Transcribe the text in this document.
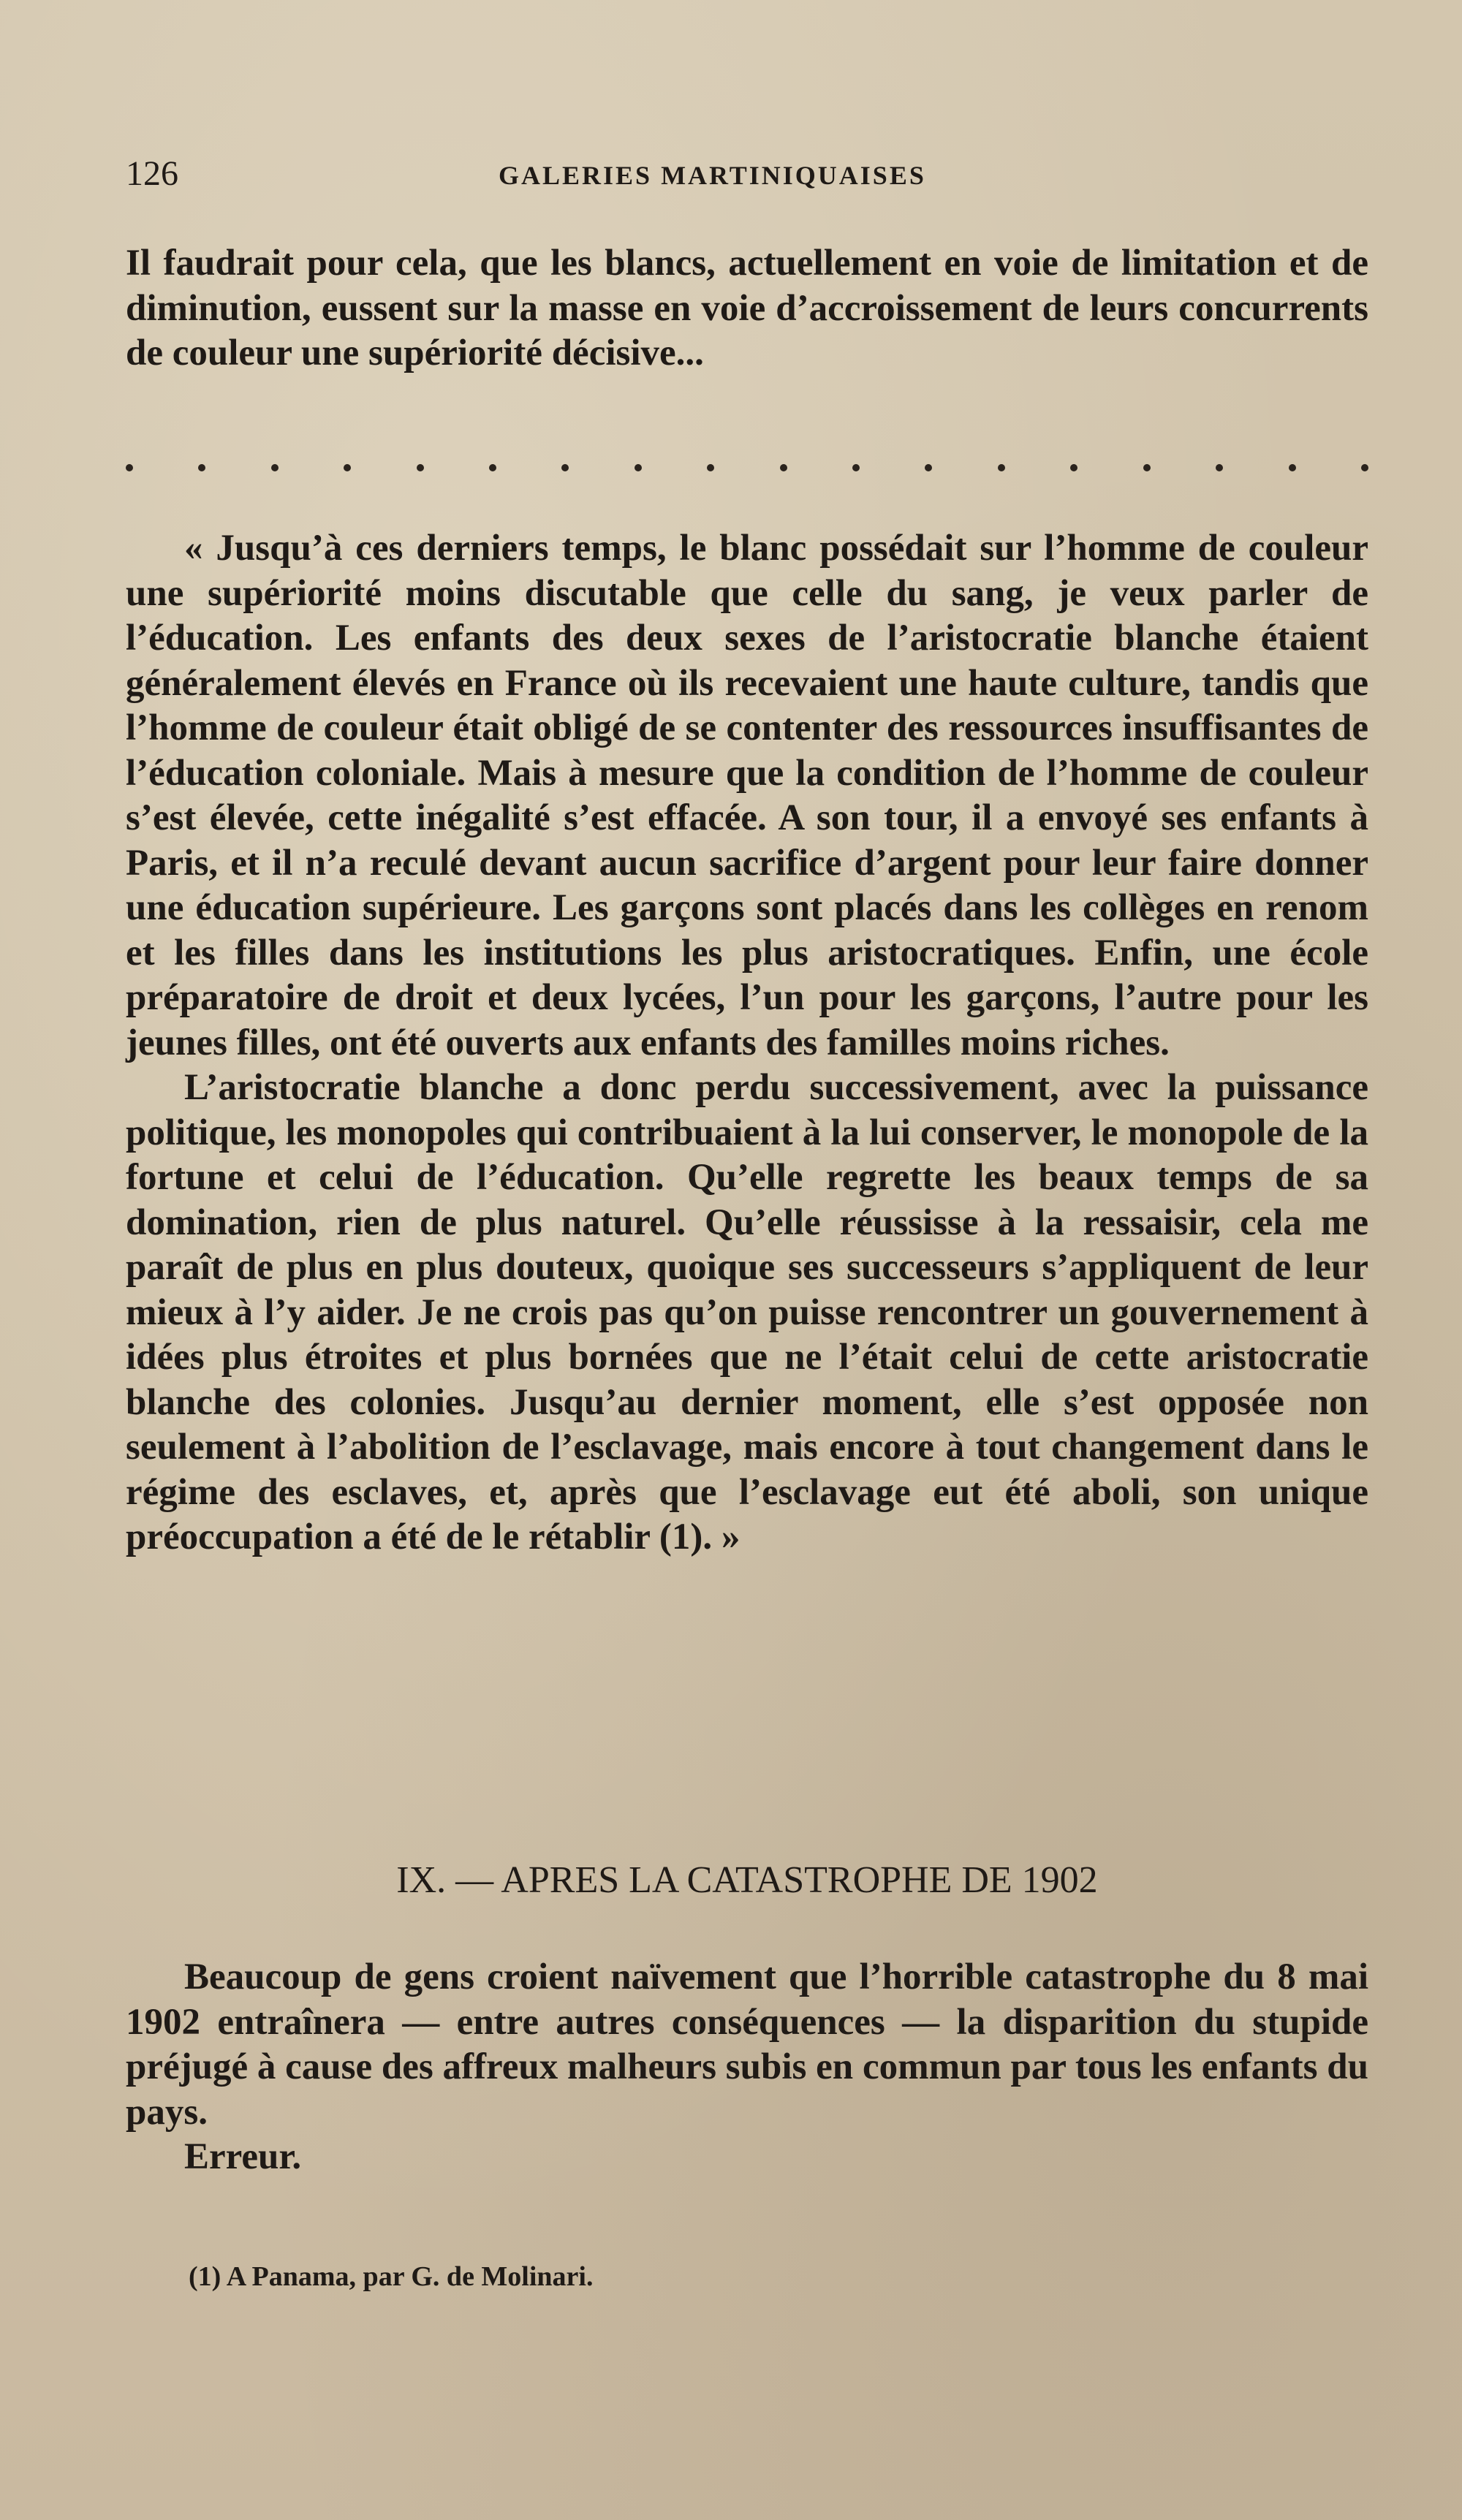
126	GALERIES MARTINIQUAISES

Il faudrait pour cela, que les blancs, actuellement en voie de limitation et de diminution, eussent sur la masse en voie d’accroissement de leurs concurrents de couleur une supériorité décisive...

« Jusqu’à ces derniers temps, le blanc possédait sur l’homme de couleur une supériorité moins discutable que celle du sang, je veux parler de l’éducation. Les enfants des deux sexes de l’aristocratie blanche étaient généralement élevés en France où ils recevaient une haute culture, tandis que l’homme de couleur était obligé de se contenter des ressources insuffisantes de l’éducation coloniale. Mais à mesure que la condition de l’homme de couleur s’est élevée, cette inégalité s’est effacée. A son tour, il a envoyé ses enfants à Paris, et il n’a reculé devant aucun sacrifice d’argent pour leur faire donner une éducation supérieure. Les garçons sont placés dans les collèges en renom et les filles dans les institutions les plus aristocratiques. Enfin, une école préparatoire de droit et deux lycées, l’un pour les garçons, l’autre pour les jeunes filles, ont été ouverts aux enfants des familles moins riches.

L’aristocratie blanche a donc perdu successivement, avec la puissance politique, les monopoles qui contribuaient à la lui conserver, le monopole de la fortune et celui de l’éducation. Qu’elle regrette les beaux temps de sa domination, rien de plus naturel. Qu’elle réussisse à la ressaisir, cela me paraît de plus en plus douteux, quoique ses successeurs s’appliquent de leur mieux à l’y aider. Je ne crois pas qu’on puisse rencontrer un gouvernement à idées plus étroites et plus bornées que ne l’était celui de cette aristocratie blanche des colonies. Jusqu’au dernier moment, elle s’est opposée non seulement à l’abolition de l’esclavage, mais encore à tout changement dans le régime des esclaves, et, après que l’esclavage eut été aboli, son unique préoccupation a été de le rétablir (1). »

IX. — APRES LA CATASTROPHE DE 1902

Beaucoup de gens croient naïvement que l’horrible catastrophe du 8 mai 1902 entraînera — entre autres conséquences — la disparition du stupide préjugé à cause des affreux malheurs subis en commun par tous les enfants du pays.

Erreur.

(1) A Panama, par G. de Molinari.
